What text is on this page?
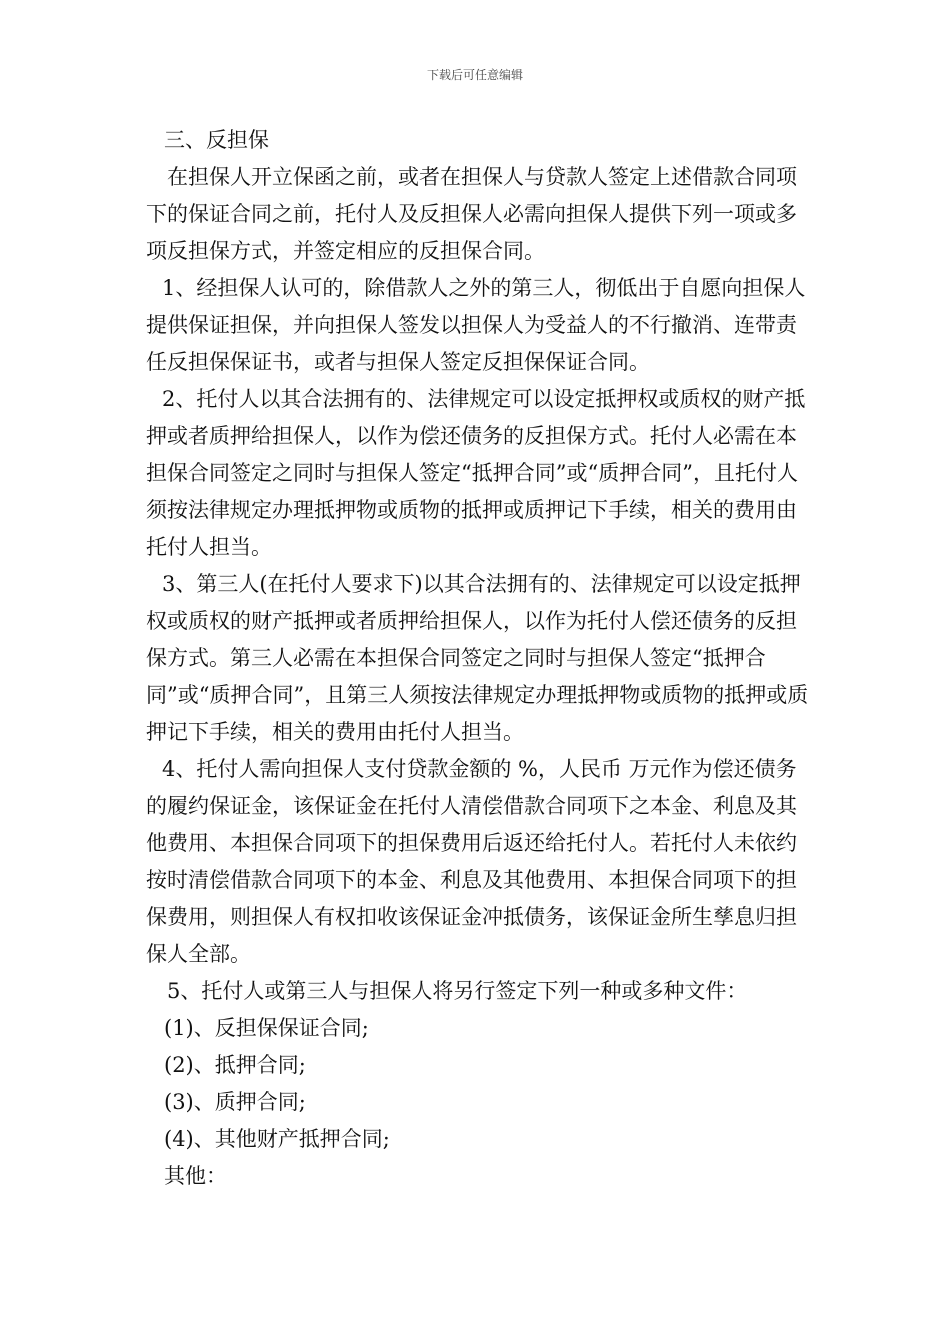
下载后可任意编辑

三、反担保

在担保人开立保函之前，或者在担保人与贷款人签定上述借款合同项下的保证合同之前，托付人及反担保人必需向担保人提供下列一项或多项反担保方式，并签定相应的反担保合同。

1、经担保人认可的，除借款人之外的第三人，彻低出于自愿向担保人提供保证担保，并向担保人签发以担保人为受益人的不行撤消、连带责任反担保保证书，或者与担保人签定反担保保证合同。

2、托付人以其合法拥有的、法律规定可以设定抵押权或质权的财产抵押或者质押给担保人，以作为偿还债务的反担保方式。托付人必需在本担保合同签定之同时与担保人签定“抵押合同”或“质押合同”，且托付人须按法律规定办理抵押物或质物的抵押或质押记下手续，相关的费用由托付人担当。

3、第三人(在托付人要求下)以其合法拥有的、法律规定可以设定抵押权或质权的财产抵押或者质押给担保人，以作为托付人偿还债务的反担保方式。第三人必需在本担保合同签定之同时与担保人签定“抵押合同”或“质押合同”，且第三人须按法律规定办理抵押物或质物的抵押或质押记下手续，相关的费用由托付人担当。

4、托付人需向担保人支付贷款金额的 %，人民币 万元作为偿还债务的履约保证金，该保证金在托付人清偿借款合同项下之本金、利息及其他费用、本担保合同项下的担保费用后返还给托付人。若托付人未依约按时清偿借款合同项下的本金、利息及其他费用、本担保合同项下的担保费用，则担保人有权扣收该保证金冲抵债务，该保证金所生孳息归担保人全部。

5、托付人或第三人与担保人将另行签定下列一种或多种文件：

(1)、反担保保证合同;

(2)、抵押合同;

(3)、质押合同;

(4)、其他财产抵押合同;

其他：
